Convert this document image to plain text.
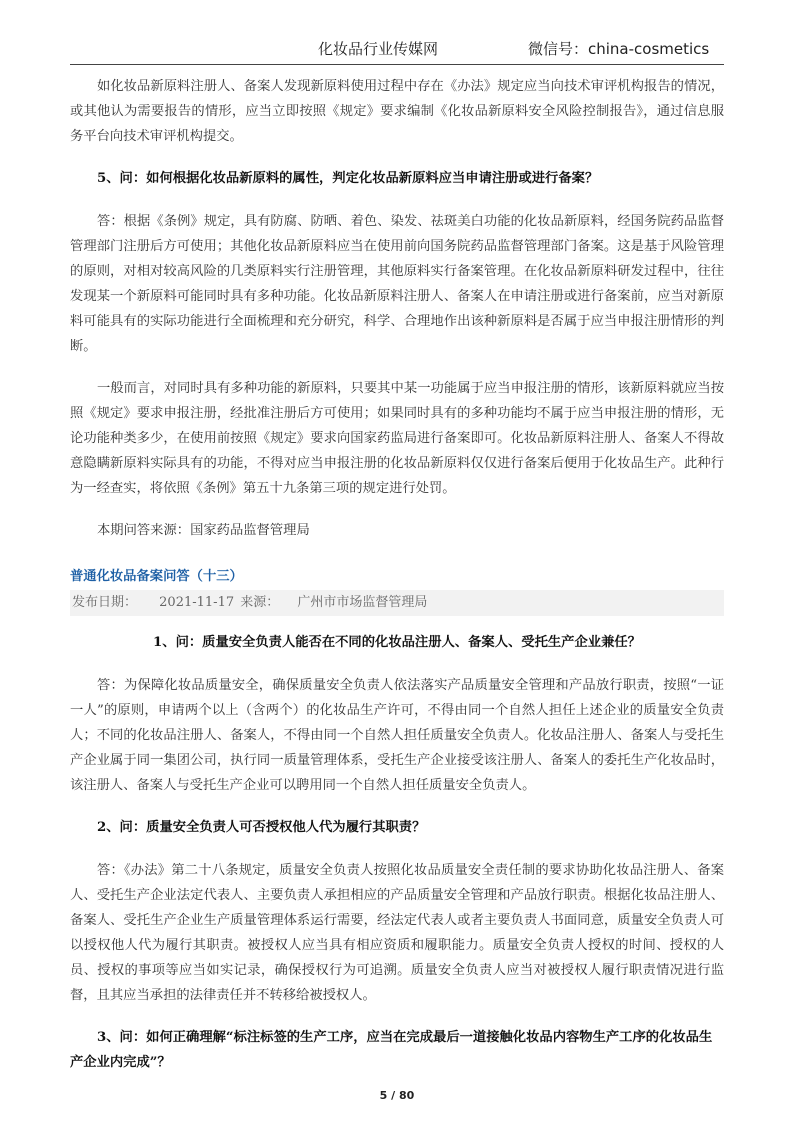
化妆品行业传媒网	微信号：china-cosmetics

如化妆品新原料注册人、备案人发现新原料使用过程中存在《办法》规定应当向技术审评机构报告的情况，或其他认为需要报告的情形，应当立即按照《规定》要求编制《化妆品新原料安全风险控制报告》，通过信息服务平台向技术审评机构提交。

5、问：如何根据化妆品新原料的属性，判定化妆品新原料应当申请注册或进行备案？

答：根据《条例》规定，具有防腐、防晒、着色、染发、祛斑美白功能的化妆品新原料，经国务院药品监督管理部门注册后方可使用；其他化妆品新原料应当在使用前向国务院药品监督管理部门备案。这是基于风险管理的原则，对相对较高风险的几类原料实行注册管理，其他原料实行备案管理。在化妆品新原料研发过程中，往往发现某一个新原料可能同时具有多种功能。化妆品新原料注册人、备案人在申请注册或进行备案前，应当对新原料可能具有的实际功能进行全面梳理和充分研究，科学、合理地作出该种新原料是否属于应当申报注册情形的判断。

一般而言，对同时具有多种功能的新原料，只要其中某一功能属于应当申报注册的情形，该新原料就应当按照《规定》要求申报注册，经批准注册后方可使用；如果同时具有的多种功能均不属于应当申报注册的情形，无论功能种类多少，在使用前按照《规定》要求向国家药监局进行备案即可。化妆品新原料注册人、备案人不得故意隐瞒新原料实际具有的功能，不得对应当申报注册的化妆品新原料仅仅进行备案后便用于化妆品生产。此种行为一经查实，将依照《条例》第五十九条第三项的规定进行处罚。

本期问答来源：国家药品监督管理局

普通化妆品备案问答（十三）
发布日期： 2021-11-17 来源： 广州市市场监督管理局

1、问：质量安全负责人能否在不同的化妆品注册人、备案人、受托生产企业兼任？

答：为保障化妆品质量安全，确保质量安全负责人依法落实产品质量安全管理和产品放行职责，按照“一证一人”的原则，申请两个以上（含两个）的化妆品生产许可，不得由同一个自然人担任上述企业的质量安全负责人；不同的化妆品注册人、备案人，不得由同一个自然人担任质量安全负责人。化妆品注册人、备案人与受托生产企业属于同一集团公司，执行同一质量管理体系，受托生产企业接受该注册人、备案人的委托生产化妆品时，该注册人、备案人与受托生产企业可以聘用同一个自然人担任质量安全负责人。

2、问：质量安全负责人可否授权他人代为履行其职责？

答：《办法》第二十八条规定，质量安全负责人按照化妆品质量安全责任制的要求协助化妆品注册人、备案人、受托生产企业法定代表人、主要负责人承担相应的产品质量安全管理和产品放行职责。根据化妆品注册人、备案人、受托生产企业生产质量管理体系运行需要，经法定代表人或者主要负责人书面同意，质量安全负责人可以授权他人代为履行其职责。被授权人应当具有相应资质和履职能力。质量安全负责人授权的时间、授权的人员、授权的事项等应当如实记录，确保授权行为可追溯。质量安全负责人应当对被授权人履行职责情况进行监督，且其应当承担的法律责任并不转移给被授权人。

3、问：如何正确理解“标注标签的生产工序，应当在完成最后一道接触化妆品内容物生产工序的化妆品生产企业内完成”？

5 / 80
